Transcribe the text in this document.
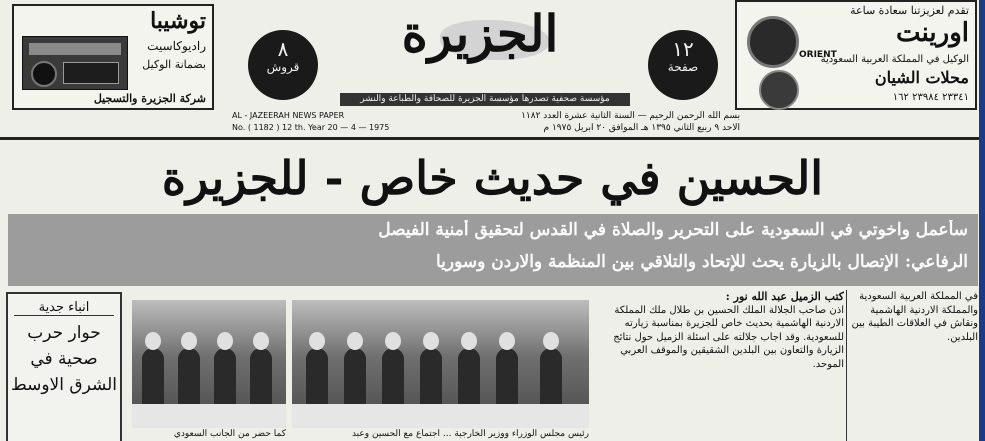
توشيبا
راديوكاسيت
بضمانة الوكيل
شركة الجزيرة والتسجيل
٨
قروش
الجزيرة
مؤسسة صحفية تصدرها مؤسسة الجزيرة للصحافة والطباعة والنشر
١٢
صفحة
تقدم لعزيزتنا سعادة ساعة
اورينت
الوكيل في المملكة العربية السعودية
محلات الشيان
٢٣٣٤١ ٢٣٩٨٤ ١٦٢
ORIENT
AL - JAZEERAH NEWS PAPER
No. ( 1182 ) 12 th. Year 20 — 4 — 1975
بسم الله الرحمن الرحيم — السنة الثانية عشرة العدد ١١٨٢
الاحد ٩ ربيع الثاني ١٣٩٥ هـ الموافق ٢٠ ابريل ١٩٧٥ م
الحسين في حديث خاص - للجزيرة
سأعمل واخوتي في السعودية على التحرير والصلاة في القدس لتحقيق أمنية الفيصل
الرفاعي: الإتصال بالزيارة يحث للإتحاد والتلاقي بين المنظمة والاردن وسوريا
انباء جدية
حوار حرب صحية في الشرق الاوسط
كما حضر من الجانب السعودي	رئيس مجلس الوزراء ووزير الخارجية ... اجتماع مع الحسين وعبد
كتب الزميل عبد الله نور :
اذن صاحب الجلالة الملك الحسين بن طلال ملك المملكة الاردنية الهاشمية بحديث خاص للجزيرة بمناسبة زيارته للسعودية. وقد اجاب جلالته على اسئلة الزميل حول نتائج الزيارة والتعاون بين البلدين الشقيقين والموقف العربي الموحد.
في المملكة العربية السعودية والمملكة الاردنية الهاشمية ونقاش في العلاقات الطيبة بين البلدين.
